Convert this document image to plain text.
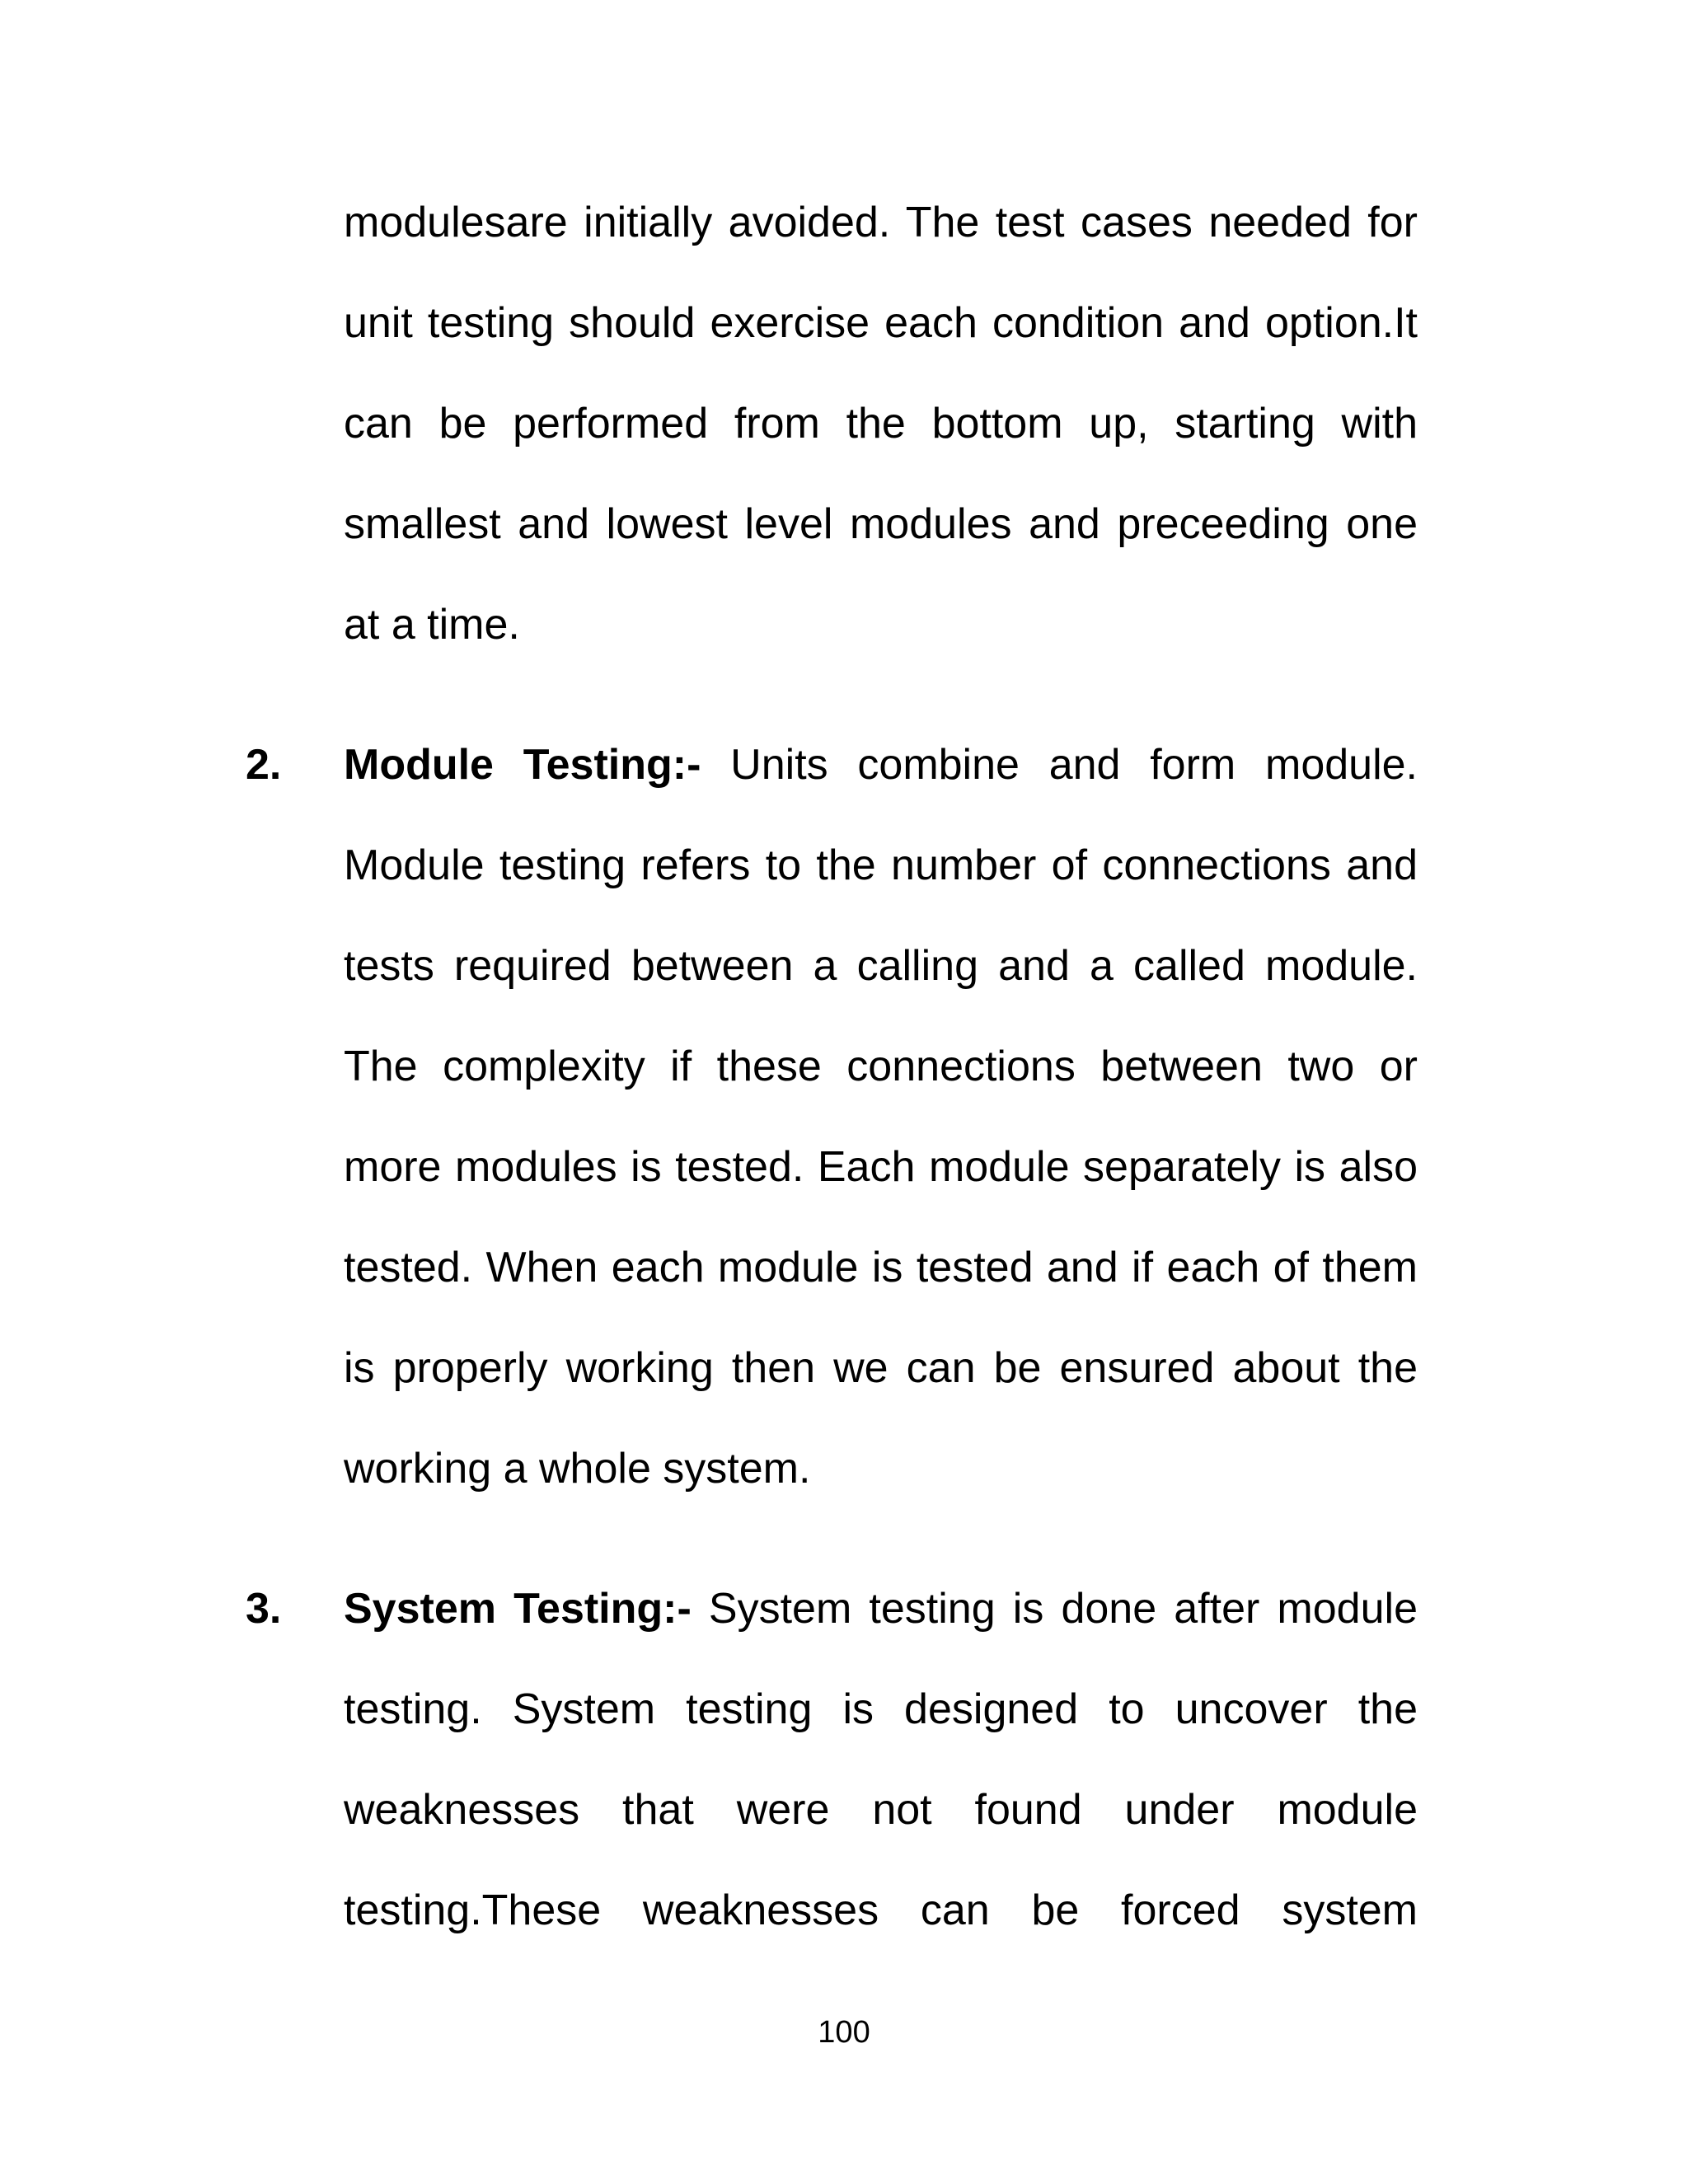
modulesare initially avoided. The test cases needed for
unit testing should exercise each condition and option.It
can be performed from the bottom up, starting with
smallest and lowest level modules and preceeding one
at a time.
2. Module Testing:- Units combine and form module.
Module testing refers to the number of connections and
tests required between a calling and a called module.
The complexity if these connections between two or
more modules is tested. Each module separately is also
tested. When each module is tested and if each of them
is properly working then we can be ensured about the
working a whole system.
3. System Testing:- System testing is done after module
testing. System testing is designed to uncover the
weaknesses that were not found under module
testing.These weaknesses can be forced system
100
